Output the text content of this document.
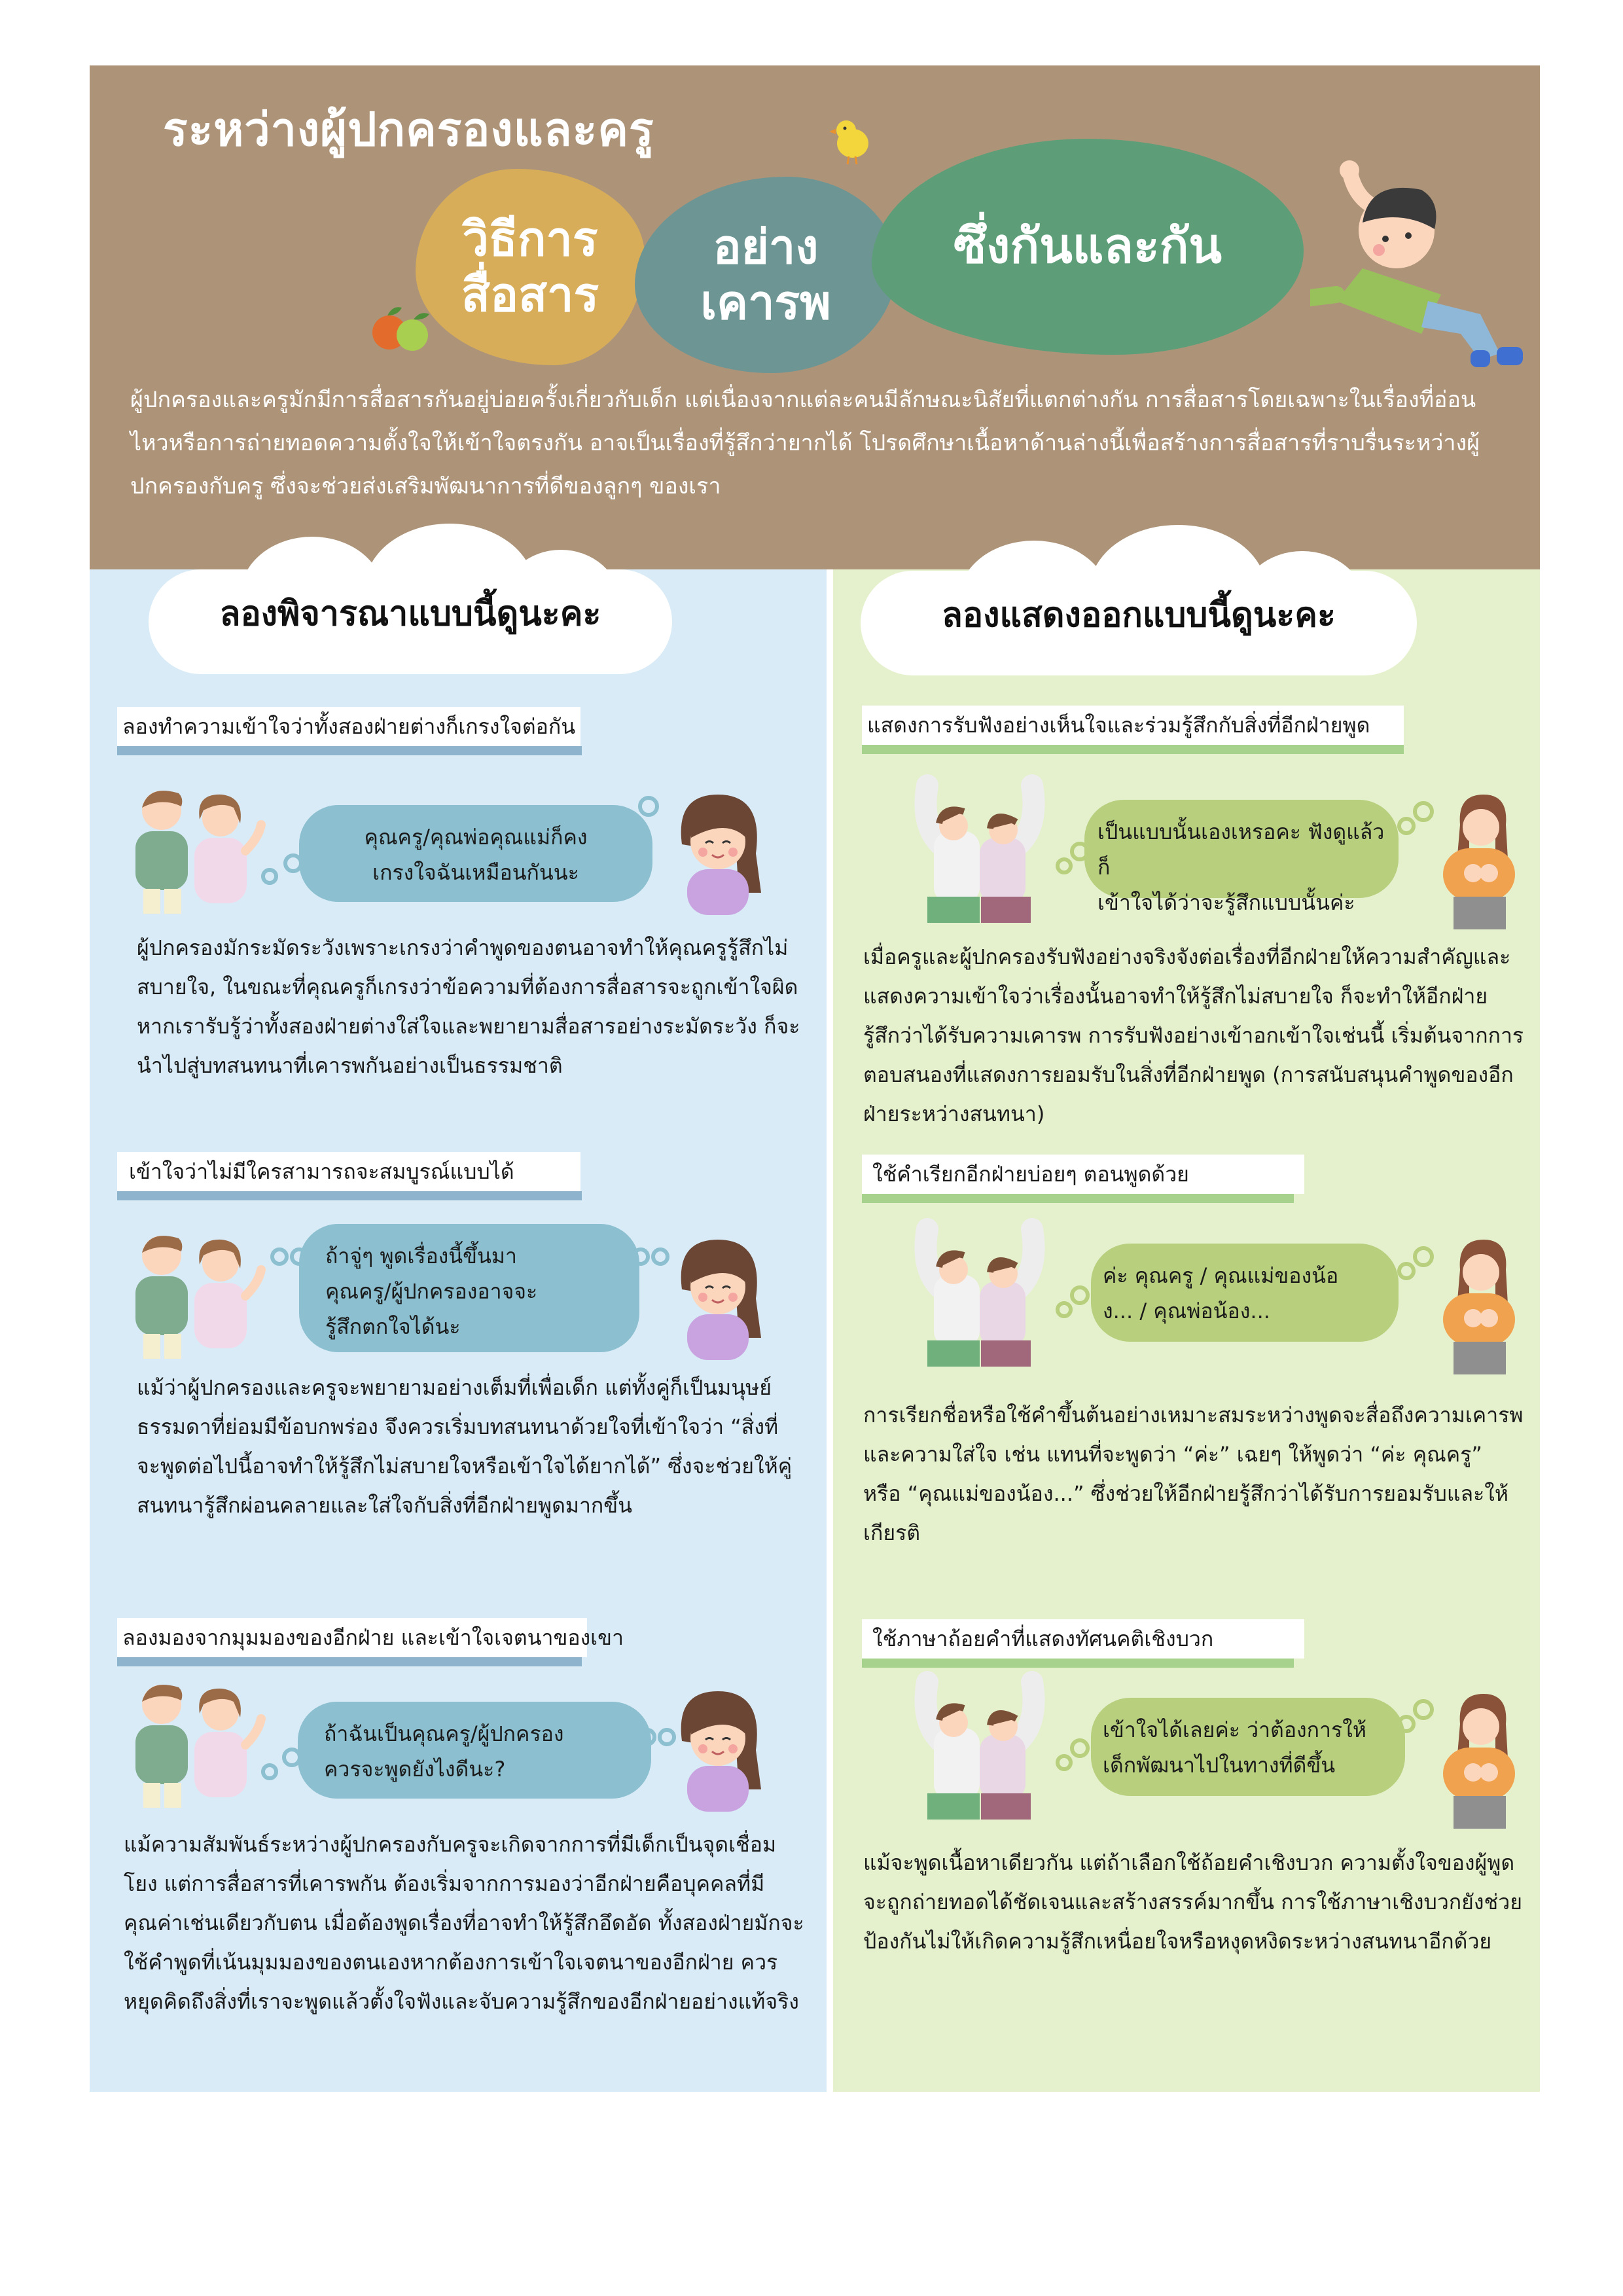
ระหว่างผู้ปกครองและครู
วิธีการ
สื่อสาร
อย่าง
เคารพ
ซึ่งกันและกัน
ผู้ปกครองและครูมักมีการสื่อสารกันอยู่บ่อยครั้งเกี่ยวกับเด็ก แต่เนื่องจากแต่ละคนมีลักษณะนิสัยที่แตกต่างกัน การสื่อสารโดยเฉพาะในเรื่องที่อ่อนไหวหรือการถ่ายทอดความตั้งใจให้เข้าใจตรงกัน อาจเป็นเรื่องที่รู้สึกว่ายากได้ โปรดศึกษาเนื้อหาด้านล่างนี้เพื่อสร้างการสื่อสารที่ราบรื่นระหว่างผู้ปกครองกับครู ซึ่งจะช่วยส่งเสริมพัฒนาการที่ดีของลูกๆ ของเรา
ลองพิจารณาแบบนี้ดูนะคะ	ลองแสดงออกแบบนี้ดูนะคะ
ลองทำความเข้าใจว่าทั้งสองฝ่ายต่างก็เกรงใจต่อกัน
คุณครู/คุณพ่อคุณแม่ก็คง
เกรงใจฉันเหมือนกันนะ
ผู้ปกครองมักระมัดระวังเพราะเกรงว่าคำพูดของตนอาจทำให้คุณครูรู้สึกไม่สบายใจ, ในขณะที่คุณครูก็เกรงว่าข้อความที่ต้องการสื่อสารจะถูกเข้าใจผิด หากเรารับรู้ว่าทั้งสองฝ่ายต่างใส่ใจและพยายามสื่อสารอย่างระมัดระวัง ก็จะนำไปสู่บทสนทนาที่เคารพกันอย่างเป็นธรรมชาติ
เข้าใจว่าไม่มีใครสามารถจะสมบูรณ์แบบได้
ถ้าจู่ๆ พูดเรื่องนี้ขึ้นมา
คุณครู/ผู้ปกครองอาจจะ
รู้สึกตกใจได้นะ
แม้ว่าผู้ปกครองและครูจะพยายามอย่างเต็มที่เพื่อเด็ก แต่ทั้งคู่ก็เป็นมนุษย์ธรรมดาที่ย่อมมีข้อบกพร่อง จึงควรเริ่มบทสนทนาด้วยใจที่เข้าใจว่า “สิ่งที่จะพูดต่อไปนี้อาจทำให้รู้สึกไม่สบายใจหรือเข้าใจได้ยากได้” ซึ่งจะช่วยให้คู่สนทนารู้สึกผ่อนคลายและใส่ใจกับสิ่งที่อีกฝ่ายพูดมากขึ้น
ลองมองจากมุมมองของอีกฝ่าย และเข้าใจเจตนาของเขา
ถ้าฉันเป็นคุณครู/ผู้ปกครอง
ควรจะพูดยังไงดีนะ?
แม้ความสัมพันธ์ระหว่างผู้ปกครองกับครูจะเกิดจากการที่มีเด็กเป็นจุดเชื่อมโยง แต่การสื่อสารที่เคารพกัน ต้องเริ่มจากการมองว่าอีกฝ่ายคือบุคคลที่มีคุณค่าเช่นเดียวกับตน เมื่อต้องพูดเรื่องที่อาจทำให้รู้สึกอึดอัด ทั้งสองฝ่ายมักจะใช้คำพูดที่เน้นมุมมองของตนเองหากต้องการเข้าใจเจตนาของอีกฝ่าย ควรหยุดคิดถึงสิ่งที่เราจะพูดแล้วตั้งใจฟังและจับความรู้สึกของอีกฝ่ายอย่างแท้จริง
แสดงการรับฟังอย่างเห็นใจและร่วมรู้สึกกับสิ่งที่อีกฝ่ายพูด
เป็นแบบนั้นเองเหรอคะ ฟังดูแล้วก็
เข้าใจได้ว่าจะรู้สึกแบบนั้นค่ะ
เมื่อครูและผู้ปกครองรับฟังอย่างจริงจังต่อเรื่องที่อีกฝ่ายให้ความสำคัญและแสดงความเข้าใจว่าเรื่องนั้นอาจทำให้รู้สึกไม่สบายใจ ก็จะทำให้อีกฝ่ายรู้สึกว่าได้รับความเคารพ การรับฟังอย่างเข้าอกเข้าใจเช่นนี้ เริ่มต้นจากการตอบสนองที่แสดงการยอมรับในสิ่งที่อีกฝ่ายพูด (การสนับสนุนคำพูดของอีกฝ่ายระหว่างสนทนา)
ใช้คำเรียกอีกฝ่ายบ่อยๆ ตอนพูดด้วย
ค่ะ คุณครู / คุณแม่ของน้อ
ง... / คุณพ่อน้อง...
การเรียกชื่อหรือใช้คำขึ้นต้นอย่างเหมาะสมระหว่างพูดจะสื่อถึงความเคารพและความใส่ใจ เช่น แทนที่จะพูดว่า “ค่ะ” เฉยๆ ให้พูดว่า “ค่ะ คุณครู” หรือ “คุณแม่ของน้อง...” ซึ่งช่วยให้อีกฝ่ายรู้สึกว่าได้รับการยอมรับและให้เกียรติ
ใช้ภาษาถ้อยคำที่แสดงทัศนคติเชิงบวก
เข้าใจได้เลยค่ะ ว่าต้องการให้
เด็กพัฒนาไปในทางที่ดีขึ้น
แม้จะพูดเนื้อหาเดียวกัน แต่ถ้าเลือกใช้ถ้อยคำเชิงบวก ความตั้งใจของผู้พูดจะถูกถ่ายทอดได้ชัดเจนและสร้างสรรค์มากขึ้น การใช้ภาษาเชิงบวกยังช่วยป้องกันไม่ให้เกิดความรู้สึกเหนื่อยใจหรือหงุดหงิดระหว่างสนทนาอีกด้วย
